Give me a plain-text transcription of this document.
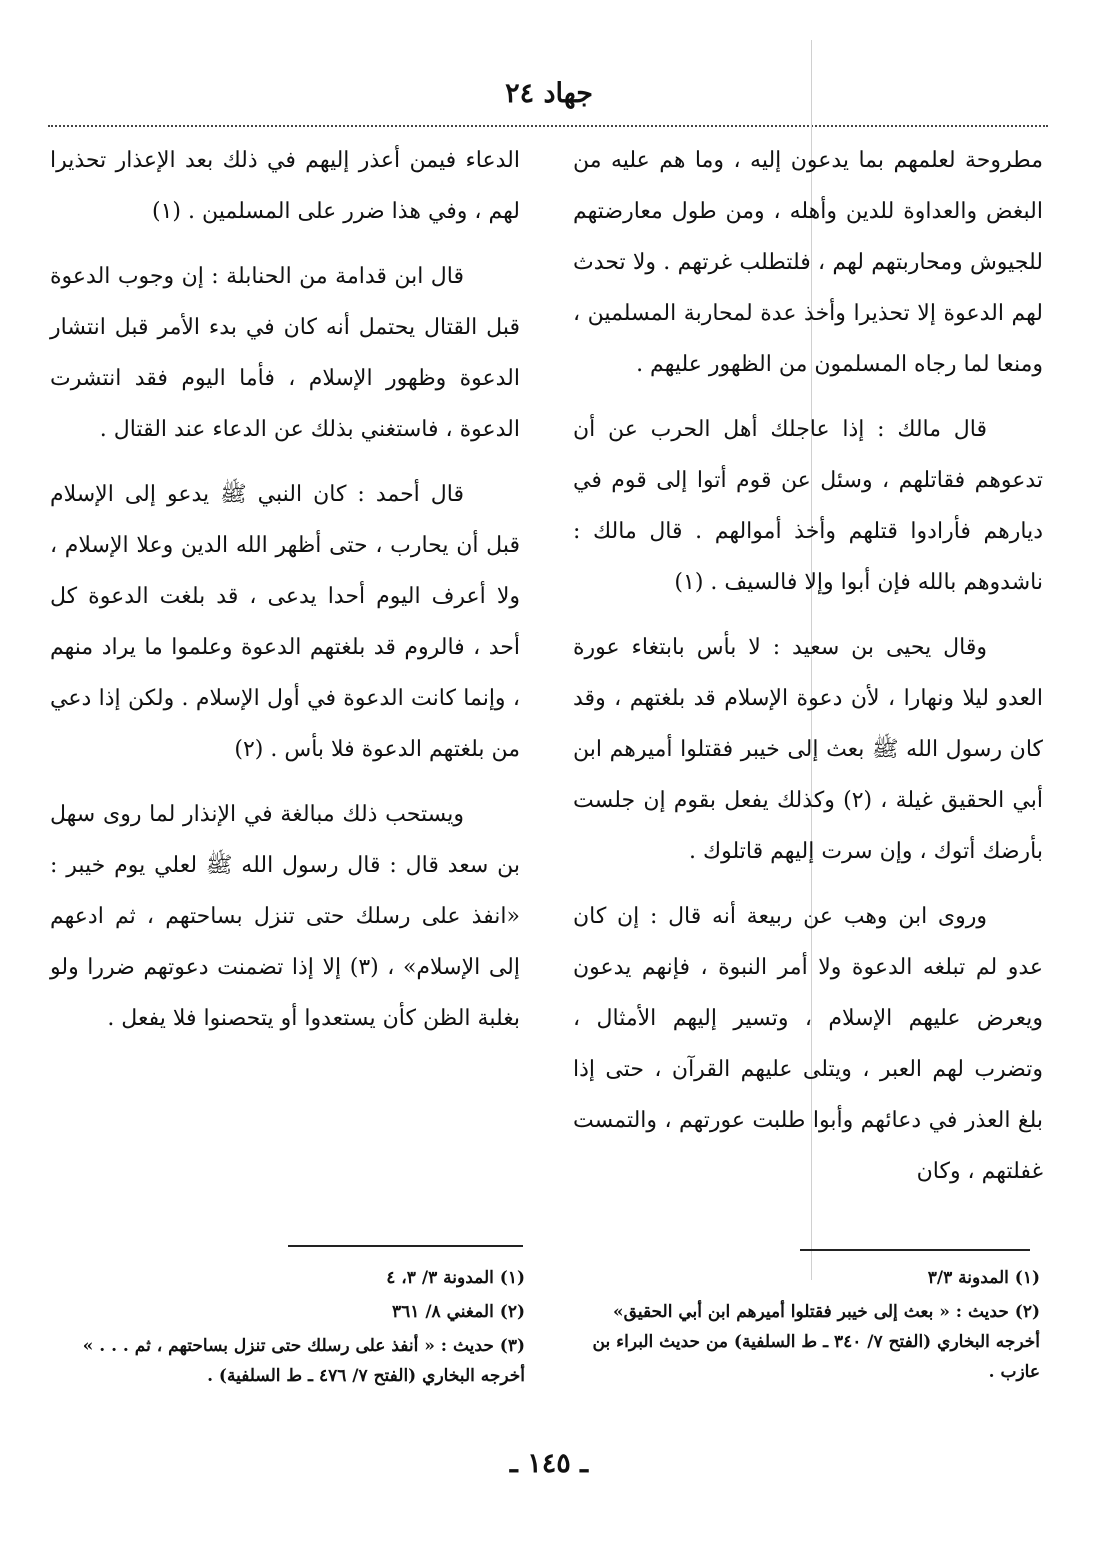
جهاد ٢٤

مطروحة لعلمهم بما يدعون إليه ، وما هم عليه من البغض والعداوة للدين وأهله ، ومن طول معارضتهم للجيوش ومحاربتهم لهم ، فلتطلب غرتهم . ولا تحدث لهم الدعوة إلا تحذيرا وأخذ عدة لمحاربة المسلمين ، ومنعا لما رجاه المسلمون من الظهور عليهم .

قال مالك : إذا عاجلك أهل الحرب عن أن تدعوهم فقاتلهم ، وسئل عن قوم أتوا إلى قوم في ديارهم فأرادوا قتلهم وأخذ أموالهم . قال مالك : ناشدوهم بالله فإن أبوا وإلا فالسيف . (١)

وقال يحيى بن سعيد : لا بأس بابتغاء عورة العدو ليلا ونهارا ، لأن دعوة الإسلام قد بلغتهم ، وقد كان رسول الله ﷺ بعث إلى خيبر فقتلوا أميرهم ابن أبي الحقيق غيلة ، (٢) وكذلك يفعل بقوم إن جلست بأرضك أتوك ، وإن سرت إليهم قاتلوك .

وروى ابن وهب عن ربيعة أنه قال : إن كان عدو لم تبلغه الدعوة ولا أمر النبوة ، فإنهم يدعون ويعرض عليهم الإسلام ، وتسير إليهم الأمثال ، وتضرب لهم العبر ، ويتلى عليهم القرآن ، حتى إذا بلغ العذر في دعائهم وأبوا طلبت عورتهم ، والتمست غفلتهم ، وكان

الدعاء فيمن أعذر إليهم في ذلك بعد الإعذار تحذيرا لهم ، وفي هذا ضرر على المسلمين . (١)

قال ابن قدامة من الحنابلة : إن وجوب الدعوة قبل القتال يحتمل أنه كان في بدء الأمر قبل انتشار الدعوة وظهور الإسلام ، فأما اليوم فقد انتشرت الدعوة ، فاستغني بذلك عن الدعاء عند القتال .

قال أحمد : كان النبي ﷺ يدعو إلى الإسلام قبل أن يحارب ، حتى أظهر الله الدين وعلا الإسلام ، ولا أعرف اليوم أحدا يدعى ، قد بلغت الدعوة كل أحد ، فالروم قد بلغتهم الدعوة وعلموا ما يراد منهم ، وإنما كانت الدعوة في أول الإسلام . ولكن إذا دعي من بلغتهم الدعوة فلا بأس . (٢)

ويستحب ذلك مبالغة في الإنذار لما روى سهل بن سعد قال : قال رسول الله ﷺ لعلي يوم خيبر : «انفذ على رسلك حتى تنزل بساحتهم ، ثم ادعهم إلى الإسلام» ، (٣) إلا إذا تضمنت دعوتهم ضررا ولو بغلبة الظن كأن يستعدوا أو يتحصنوا فلا يفعل .

(١) المدونة ٣/٣
(٢) حديث : « بعث إلى خيبر فقتلوا أميرهم ابن أبي الحقيق» أخرجه البخاري (الفتح ٧/ ٣٤٠ ـ ط السلفية) من حديث البراء بن عازب .
(١) المدونة ٣/ ٣، ٤
(٢) المغني ٨/ ٣٦١
(٣) حديث : « أنفذ على رسلك حتى تنزل بساحتهم ، ثم . . . » أخرجه البخاري (الفتح ٧/ ٤٧٦ ـ ط السلفية) .
ـ ١٤٥ ـ
